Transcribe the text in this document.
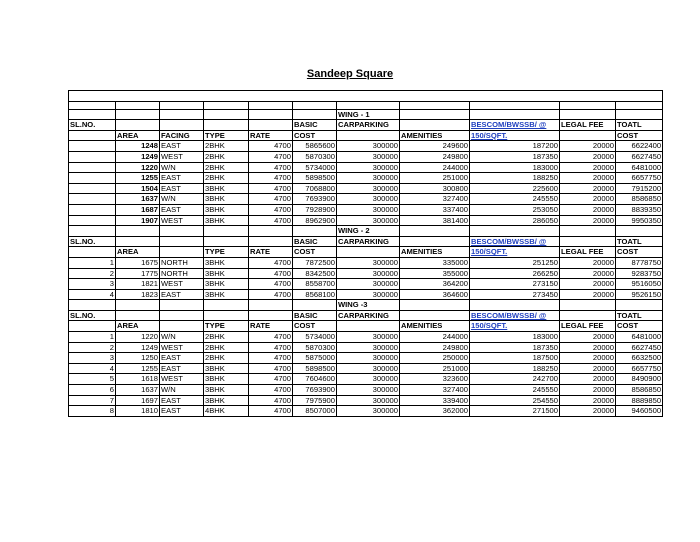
Sandeep Square

						WING - 1				
SL.NO.					BASIC	CARPARKING		BESCOM/BWSSB/ @	LEGAL FEE	TOATL
	AREA	FACING	TYPE	RATE	COST		AMENITIES	150/SQFT.		COST
	1248	EAST	2BHK	4700	5865600	300000	249600	187200	20000	6622400
	1249	WEST	2BHK	4700	5870300	300000	249800	187350	20000	6627450
	1220	W/N	2BHK	4700	5734000	300000	244000	183000	20000	6481000
	1255	EAST	2BHK	4700	5898500	300000	251000	188250	20000	6657750
	1504	EAST	3BHK	4700	7068800	300000	300800	225600	20000	7915200
	1637	W/N	3BHK	4700	7693900	300000	327400	245550	20000	8586850
	1687	EAST	3BHK	4700	7928900	300000	337400	253050	20000	8839350
	1907	WEST	3BHK	4700	8962900	300000	381400	286050	20000	9950350
						WING - 2				
SL.NO.					BASIC	CARPARKING		BESCOM/BWSSB/ @		TOATL
	AREA		TYPE	RATE	COST		AMENITIES	150/SQFT.	LEGAL FEE	COST
1	1675	NORTH	3BHK	4700	7872500	300000	335000	251250	20000	8778750
2	1775	NORTH	3BHK	4700	8342500	300000	355000	266250	20000	9283750
3	1821	WEST	3BHK	4700	8558700	300000	364200	273150	20000	9516050
4	1823	EAST	3BHK	4700	8568100	300000	364600	273450	20000	9526150
						WING -3				
SL.NO.					BASIC	CARPARKING		BESCOM/BWSSB/ @		TOATL
	AREA		TYPE	RATE	COST		AMENITIES	150/SQFT.	LEGAL FEE	COST
1	1220	W/N	2BHK	4700	5734000	300000	244000	183000	20000	6481000
2	1249	WEST	2BHK	4700	5870300	300000	249800	187350	20000	6627450
3	1250	EAST	2BHK	4700	5875000	300000	250000	187500	20000	6632500
4	1255	EAST	3BHK	4700	5898500	300000	251000	188250	20000	6657750
5	1618	WEST	3BHK	4700	7604600	300000	323600	242700	20000	8490900
6	1637	W/N	3BHK	4700	7693900	300000	327400	245550	20000	8586850
7	1697	EAST	3BHK	4700	7975900	300000	339400	254550	20000	8889850
8	1810	EAST	4BHK	4700	8507000	300000	362000	271500	20000	9460500
